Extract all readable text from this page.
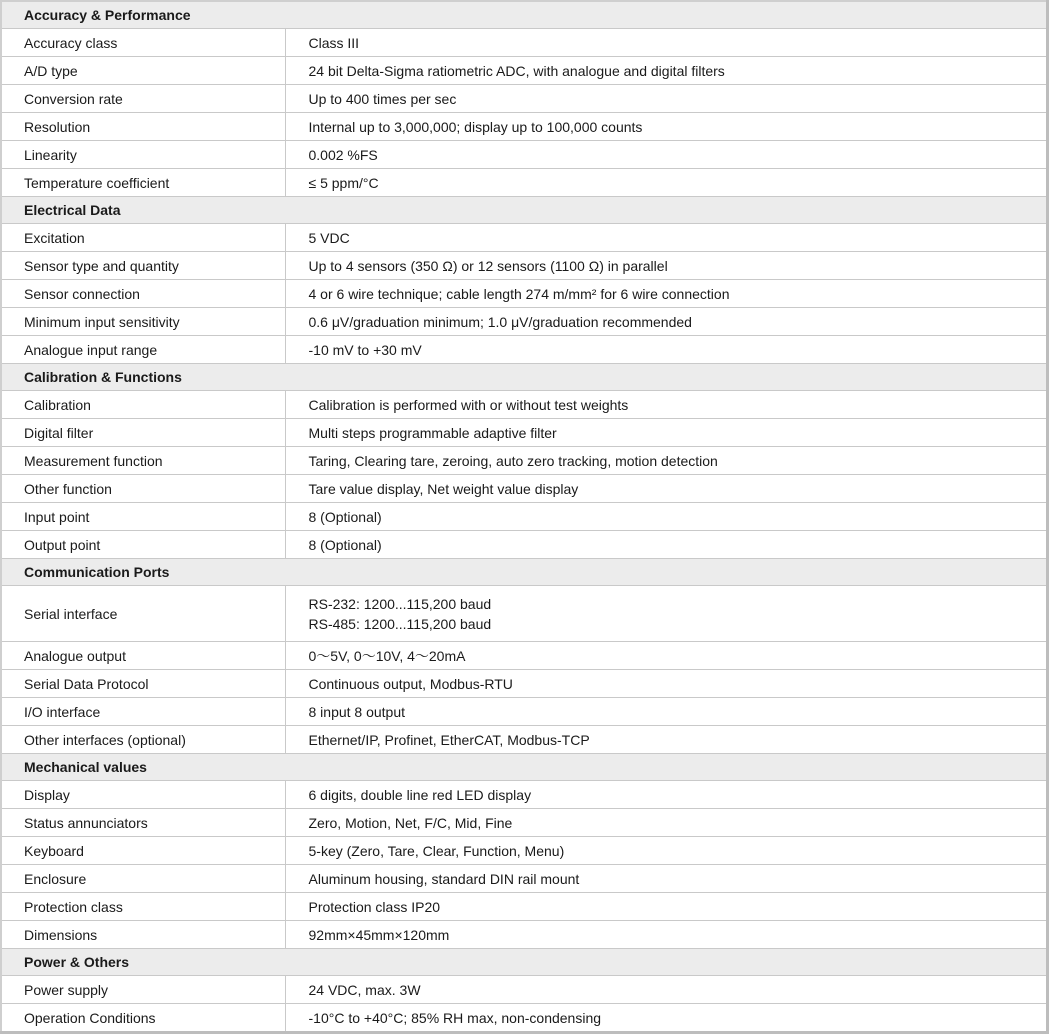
Accuracy & Performance	
Accuracy class	Class III
A/D type	24 bit Delta-Sigma ratiometric ADC, with analogue and digital filters
Conversion rate	Up to 400 times per sec
Resolution	Internal up to 3,000,000; display up to 100,000 counts
Linearity	0.002 %FS
Temperature coefficient	≤ 5 ppm/°C
Electrical Data	
Excitation	5 VDC
Sensor type and quantity	Up to 4 sensors (350 Ω) or 12 sensors (1100 Ω) in parallel
Sensor connection	4 or 6 wire technique; cable length 274 m/mm² for 6 wire connection
Minimum input sensitivity	0.6 μV/graduation minimum; 1.0 μV/graduation recommended
Analogue input range	-10 mV to +30 mV
Calibration & Functions	
Calibration	Calibration is performed with or without test weights
Digital filter	Multi steps programmable adaptive filter
Measurement function	Taring, Clearing tare, zeroing, auto zero tracking, motion detection
Other function	Tare value display, Net weight value display
Input point	8 (Optional)
Output point	8 (Optional)
Communication Ports	
Serial interface	RS-232: 1200...115,200 baud
RS-485: 1200...115,200 baud

Analogue output	0～5V, 0～10V, 4～20mA
Serial Data Protocol	Continuous output, Modbus-RTU
I/O interface	8 input 8 output
Other interfaces (optional)	Ethernet/IP, Profinet, EtherCAT, Modbus-TCP
Mechanical values	
Display	6 digits, double line red LED display
Status annunciators	Zero, Motion, Net, F/C, Mid, Fine
Keyboard	5-key (Zero, Tare, Clear, Function, Menu)
Enclosure	Aluminum housing, standard DIN rail mount
Protection class	Protection class IP20
Dimensions	92mm×45mm×120mm
Power & Others	
Power supply	24 VDC, max. 3W
Operation Conditions	-10°C to +40°C; 85% RH max, non-condensing
